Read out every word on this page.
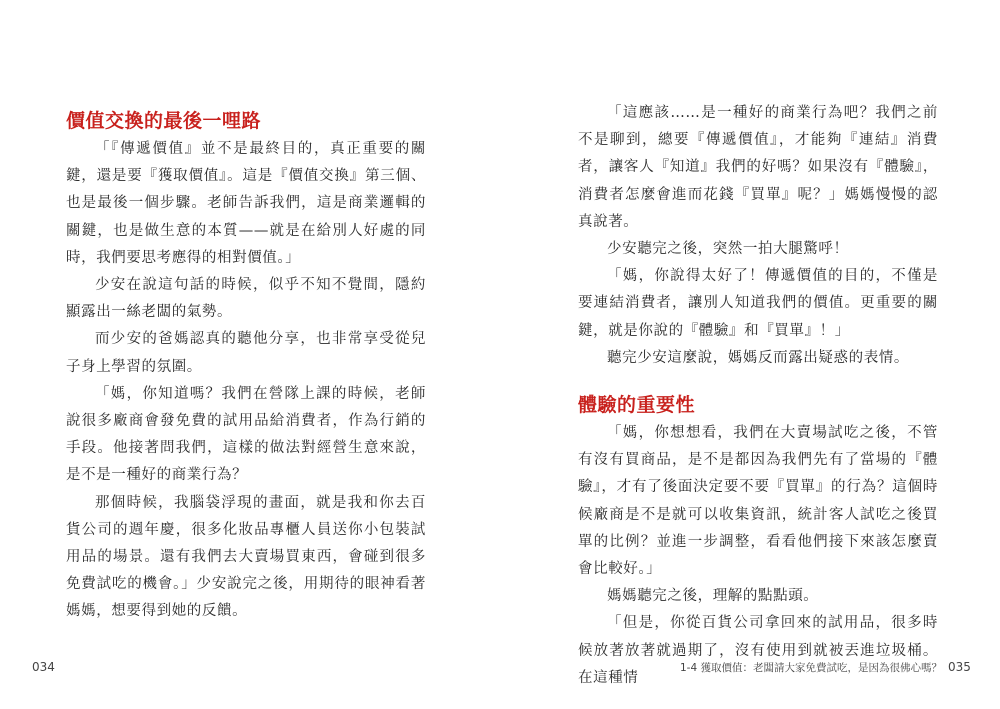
價值交換的最後一哩路

「『傳遞價值』並不是最終目的，真正重要的關鍵，還是要『獲取價值』。這是『價值交換』第三個、也是最後一個步驟。老師告訴我們，這是商業邏輯的關鍵，也是做生意的本質——就是在給別人好處的同時，我們要思考應得的相對價值。」

少安在說這句話的時候，似乎不知不覺間，隱約顯露出一絲老闆的氣勢。

而少安的爸媽認真的聽他分享，也非常享受從兒子身上學習的氛圍。

「媽，你知道嗎？我們在營隊上課的時候，老師說很多廠商會發免費的試用品給消費者，作為行銷的手段。他接著問我們，這樣的做法對經營生意來說，是不是一種好的商業行為？

那個時候，我腦袋浮現的畫面，就是我和你去百貨公司的週年慶，很多化妝品專櫃人員送你小包裝試用品的場景。還有我們去大賣場買東西，會碰到很多免費試吃的機會。」少安說完之後，用期待的眼神看著媽媽，想要得到她的反饋。

034

「這應該……是一種好的商業行為吧？我們之前不是聊到，總要『傳遞價值』，才能夠『連結』消費者，讓客人『知道』我們的好嗎？如果沒有『體驗』，消費者怎麼會進而花錢『買單』呢？」媽媽慢慢的認真說著。

少安聽完之後，突然一拍大腿驚呼！

「媽，你說得太好了！傳遞價值的目的，不僅是要連結消費者，讓別人知道我們的價值。更重要的關鍵，就是你說的『體驗』和『買單』！」

聽完少安這麼說，媽媽反而露出疑惑的表情。

體驗的重要性

「媽，你想想看，我們在大賣場試吃之後，不管有沒有買商品，是不是都因為我們先有了當場的『體驗』，才有了後面決定要不要『買單』的行為？這個時候廠商是不是就可以收集資訊，統計客人試吃之後買單的比例？並進一步調整，看看他們接下來該怎麼賣會比較好。」

媽媽聽完之後，理解的點點頭。

「但是，你從百貨公司拿回來的試用品，很多時候放著放著就過期了，沒有使用到就被丟進垃圾桶。在這種情

1-4 獲取價值：老闆請大家免費試吃，是因為很佛心嗎？ 035
